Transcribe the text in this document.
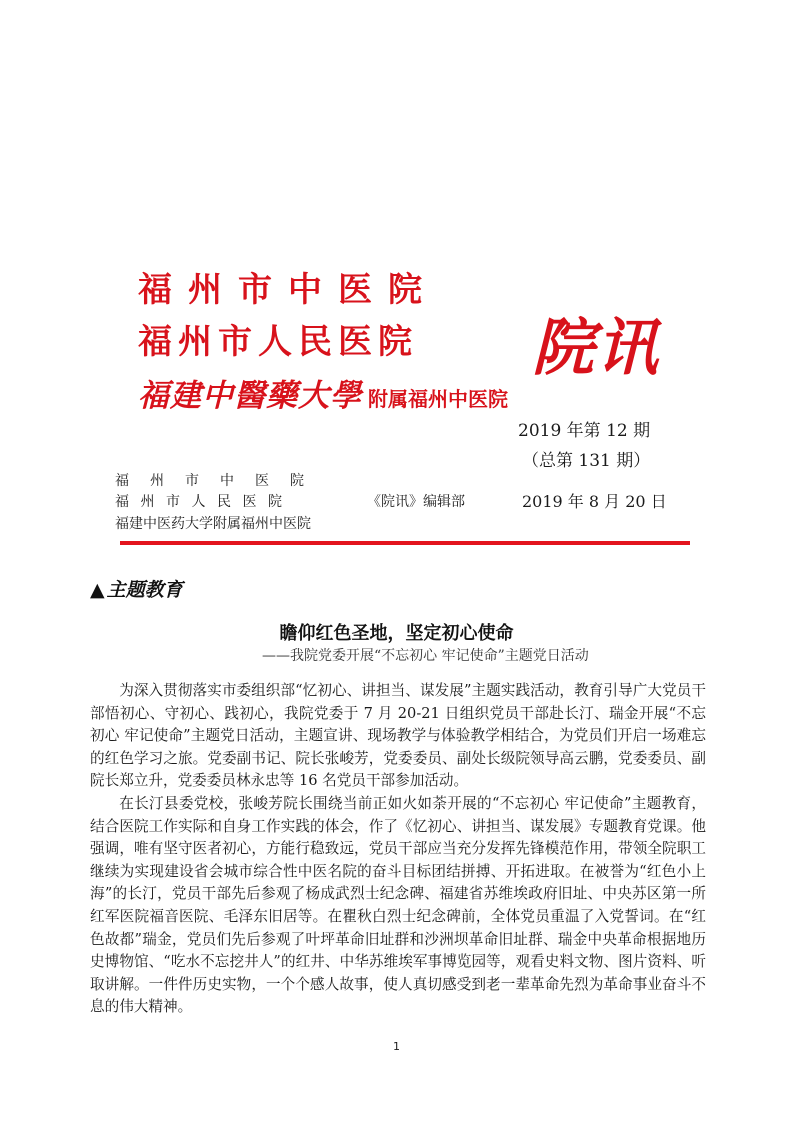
福州市中医院
福州市人民医院
福建中醫藥大學 附属福州中医院
院讯
2019 年第 12 期
（总第 131 期）
福州市中医院
福州市人民医院
福建中医药大学附属福州中医院
《院讯》编辑部	2019 年 8 月 20 日
▲ 主题教育
瞻仰红色圣地，坚定初心使命
——我院党委开展“不忘初心 牢记使命”主题党日活动

为深入贯彻落实市委组织部“忆初心、讲担当、谋发展”主题实践活动，教育引导广大党员干部悟初心、守初心、践初心，我院党委于 7 月 20-21 日组织党员干部赴长汀、瑞金开展“不忘初心 牢记使命”主题党日活动，主题宣讲、现场教学与体验教学相结合，为党员们开启一场难忘的红色学习之旅。党委副书记、院长张峻芳，党委委员、副处长级院领导高云鹏，党委委员、副院长郑立升，党委委员林永忠等 16 名党员干部参加活动。

在长汀县委党校，张峻芳院长围绕当前正如火如荼开展的“不忘初心 牢记使命”主题教育，结合医院工作实际和自身工作实践的体会，作了《忆初心、讲担当、谋发展》专题教育党课。他强调，唯有坚守医者初心，方能行稳致远，党员干部应当充分发挥先锋模范作用，带领全院职工继续为实现建设省会城市综合性中医名院的奋斗目标团结拼搏、开拓进取。在被誉为“红色小上海”的长汀，党员干部先后参观了杨成武烈士纪念碑、福建省苏维埃政府旧址、中央苏区第一所红军医院福音医院、毛泽东旧居等。在瞿秋白烈士纪念碑前，全体党员重温了入党誓词。在“红色故都”瑞金，党员们先后参观了叶坪革命旧址群和沙洲坝革命旧址群、瑞金中央革命根据地历史博物馆、“吃水不忘挖井人”的红井、中华苏维埃军事博览园等，观看史料文物、图片资料、听取讲解。一件件历史实物，一个个感人故事，使人真切感受到老一辈革命先烈为革命事业奋斗不息的伟大精神。

1
